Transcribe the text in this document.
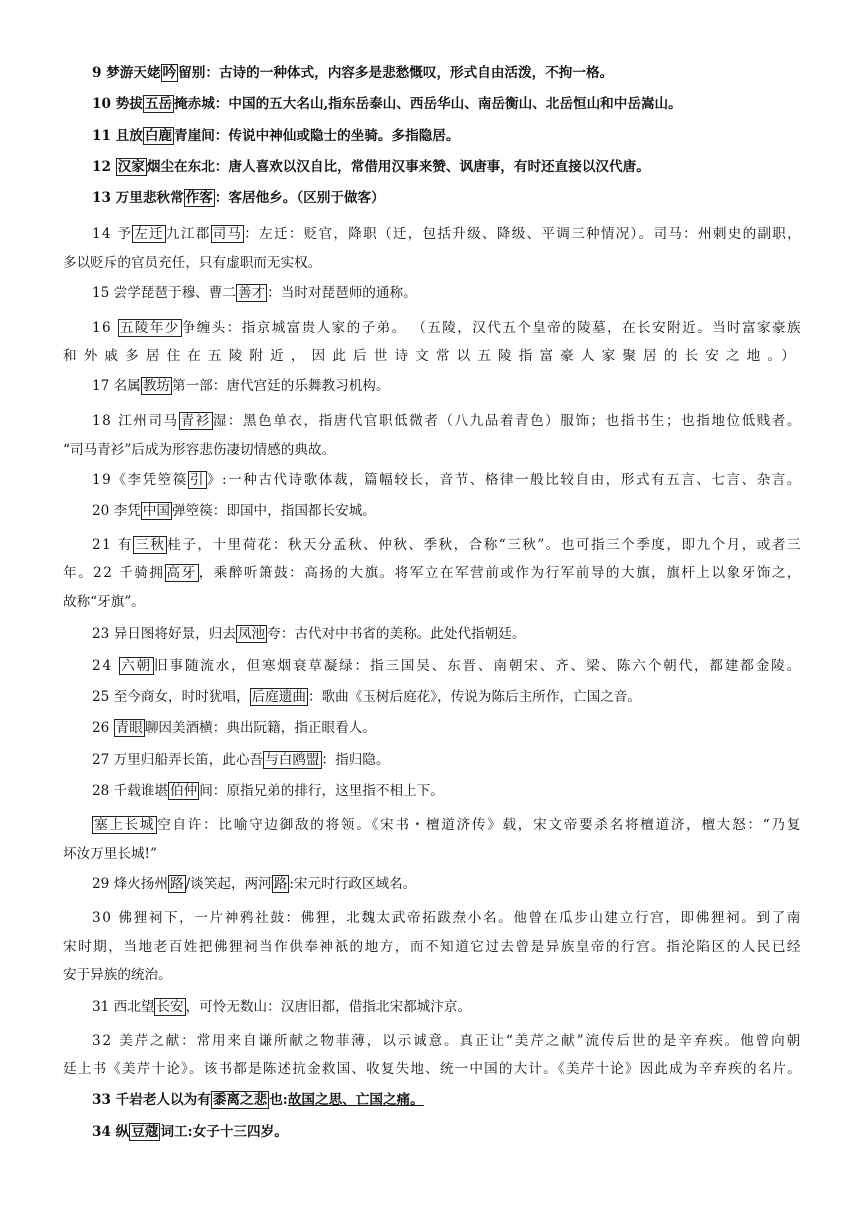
9 梦游天姥 吟 留别：古诗的一种体式，内容多是悲愁慨叹，形式自由活泼，不拘一格。
10 势拔 五岳 掩赤城：中国的五大名山,指东岳泰山、西岳华山、南岳衡山、北岳恒山和中岳嵩山。
11 且放 白鹿 青崖间：传说中神仙或隐士的坐骑。多指隐居。
12 汉家 烟尘在东北：唐人喜欢以汉自比，常借用汉事来赞、讽唐事，有时还直接以汉代唐。
13 万里悲秋常 作客 ：客居他乡。（区别于做客）
14 予 左迁 九江郡 司马 ：左迁：贬官，降职（迁，包括升级、降级、平调三种情况）。司马：州刺史的副职，
多以贬斥的官员充任，只有虚职而无实权。
15 尝学琵琶于穆、曹二 善才 ：当时对琵琶师的通称。
16 五陵年少 争缠头：指京城富贵人家的子弟。 （五陵，汉代五个皇帝的陵墓，在长安附近。当时富家豪族
和外戚多居住在五陵附近，因此后世诗文常以五陵指富豪人家聚居的长安之地。）
17 名属 教坊 第一部：唐代宫廷的乐舞教习机构。
18 江州司马 青衫 湿：黑色单衣，指唐代官职低微者（八九品着青色）服饰；也指书生；也指地位低贱者。
“司马青衫”后成为形容悲伤凄切情感的典故。
19《李凭箜篌 引 》:一种古代诗歌体裁，篇幅较长，音节、格律一般比较自由，形式有五言、七言、杂言。
20 李凭 中国 弹箜篌：即国中，指国都长安城。
21 有 三秋 桂子，十里荷花：秋天分孟秋、仲秋、季秋，合称“三秋”。也可指三个季度，即九个月，或者三
年。22 千骑拥 高牙 ，乘醉听箫鼓：高扬的大旗。将军立在军营前或作为行军前导的大旗，旗杆上以象牙饰之，
故称“牙旗”。
23 异日图将好景，归去 凤池 夸：古代对中书省的美称。此处代指朝廷。
24 六朝 旧事随流水，但寒烟衰草凝绿：指三国吴、东晋、南朝宋、齐、梁、陈六个朝代，都建都金陵。
25 至今商女，时时犹唱， 后庭遗曲 ：歌曲《玉树后庭花》，传说为陈后主所作，亡国之音。
26 青眼 聊因美酒横：典出阮籍，指正眼看人。
27 万里归船弄长笛，此心吾 与白鸥盟 ：指归隐。
28 千载谁堪 伯仲 间：原指兄弟的排行，这里指不相上下。
塞上长城 空自许：比喻守边御敌的将领。《宋书・檀道济传》载，宋文帝要杀名将檀道济，檀大怒：“乃复
坏汝万里长城!”
29 烽火扬州 路 /谈笑起，两河 路 :宋元时行政区域名。
30 佛狸祠下，一片神鸦社鼓：佛狸，北魏太武帝拓跋焘小名。他曾在瓜步山建立行宫，即佛狸祠。到了南
宋时期，当地老百姓把佛狸祠当作供奉神祇的地方，而不知道它过去曾是异族皇帝的行宫。指沦陷区的人民已经
安于异族的统治。
31 西北望 长安 ，可怜无数山：汉唐旧都，借指北宋都城汴京。
32 美芹之献：常用来自谦所献之物菲薄，以示诚意。真正让“美芹之献”流传后世的是辛弃疾。他曾向朝
廷上书《美芹十论》。该书都是陈述抗金救国、收复失地、统一中国的大计。《美芹十论》因此成为辛弃疾的名片。
33 千岩老人以为有 黍离之悲 也:故国之思、亡国之痛。
34 纵 豆蔻 词工:女子十三四岁。
